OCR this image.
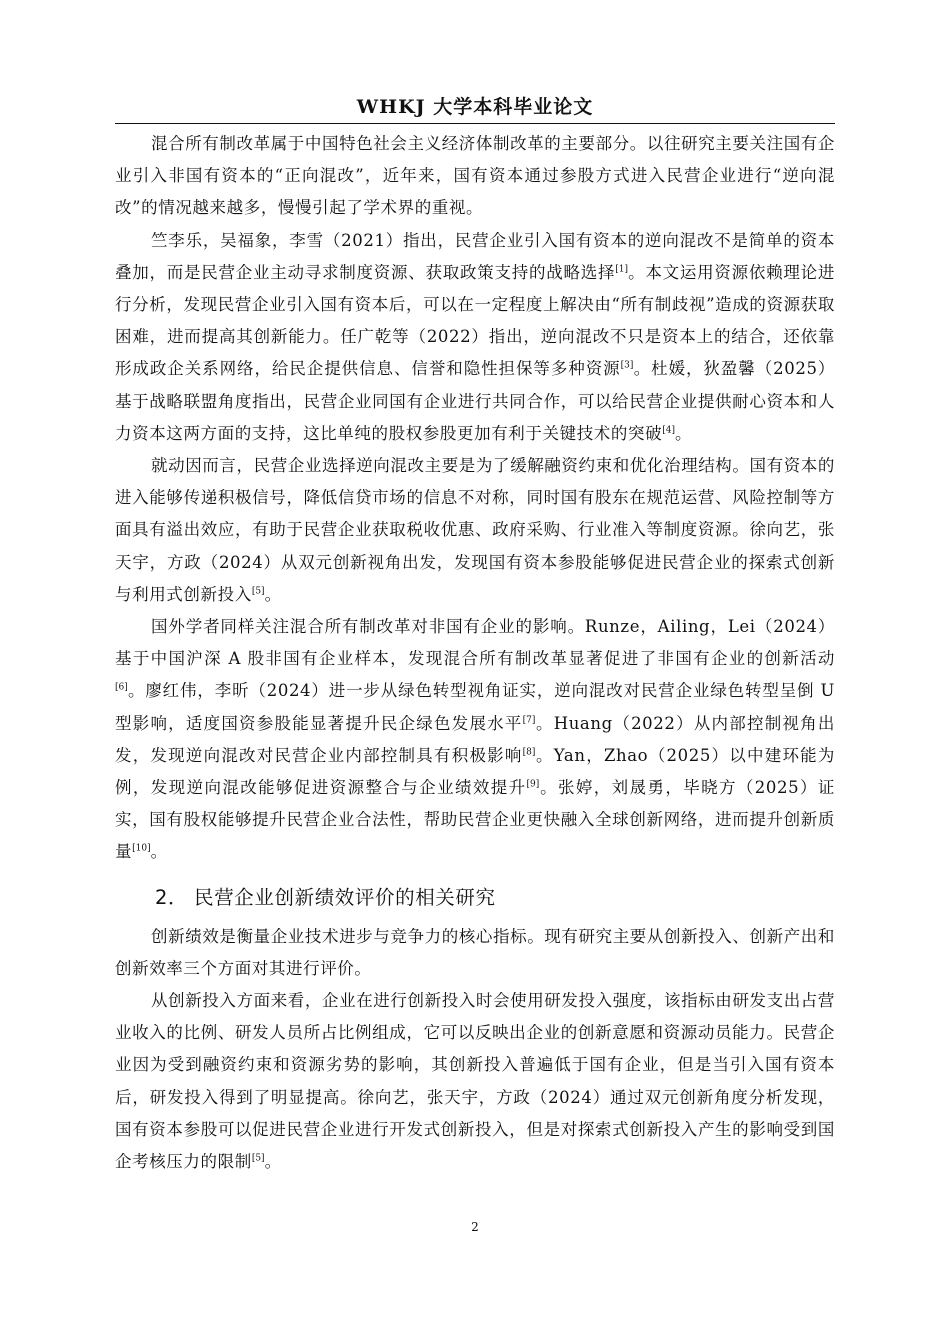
WHKJ 大学本科毕业论文

混合所有制改革属于中国特色社会主义经济体制改革的主要部分。以往研究主要关注国有企业引入非国有资本的“正向混改”，近年来，国有资本通过参股方式进入民营企业进行“逆向混改”的情况越来越多，慢慢引起了学术界的重视。

竺李乐，吴福象，李雪（2021）指出，民营企业引入国有资本的逆向混改不是简单的资本叠加，而是民营企业主动寻求制度资源、获取政策支持的战略选择[1]。本文运用资源依赖理论进行分析，发现民营企业引入国有资本后，可以在一定程度上解决由“所有制歧视”造成的资源获取困难，进而提高其创新能力。任广乾等（2022）指出，逆向混改不只是资本上的结合，还依靠形成政企关系网络，给民企提供信息、信誉和隐性担保等多种资源[3]。杜媛，狄盈馨（2025）基于战略联盟角度指出，民营企业同国有企业进行共同合作，可以给民营企业提供耐心资本和人力资本这两方面的支持，这比单纯的股权参股更加有利于关键技术的突破[4]。

就动因而言，民营企业选择逆向混改主要是为了缓解融资约束和优化治理结构。国有资本的进入能够传递积极信号，降低信贷市场的信息不对称，同时国有股东在规范运营、风险控制等方面具有溢出效应，有助于民营企业获取税收优惠、政府采购、行业准入等制度资源。徐向艺，张天宇，方政（2024）从双元创新视角出发，发现国有资本参股能够促进民营企业的探索式创新与利用式创新投入[5]。

国外学者同样关注混合所有制改革对非国有企业的影响。Runze，Ailing，Lei（2024）基于中国沪深 A 股非国有企业样本，发现混合所有制改革显著促进了非国有企业的创新活动[6]。廖红伟，李昕（2024）进一步从绿色转型视角证实，逆向混改对民营企业绿色转型呈倒 U 型影响，适度国资参股能显著提升民企绿色发展水平[7]。Huang（2022）从内部控制视角出发，发现逆向混改对民营企业内部控制具有积极影响[8]。Yan，Zhao（2025）以中建环能为例，发现逆向混改能够促进资源整合与企业绩效提升[9]。张婷，刘晟勇，毕晓方（2025）证实，国有股权能够提升民营企业合法性，帮助民营企业更快融入全球创新网络，进而提升创新质量[10]。

2． 民营企业创新绩效评价的相关研究

创新绩效是衡量企业技术进步与竞争力的核心指标。现有研究主要从创新投入、创新产出和创新效率三个方面对其进行评价。

从创新投入方面来看，企业在进行创新投入时会使用研发投入强度，该指标由研发支出占营业收入的比例、研发人员所占比例组成，它可以反映出企业的创新意愿和资源动员能力。民营企业因为受到融资约束和资源劣势的影响，其创新投入普遍低于国有企业，但是当引入国有资本后，研发投入得到了明显提高。徐向艺，张天宇，方政（2024）通过双元创新角度分析发现，国有资本参股可以促进民营企业进行开发式创新投入，但是对探索式创新投入产生的影响受到国企考核压力的限制[5]。

2
